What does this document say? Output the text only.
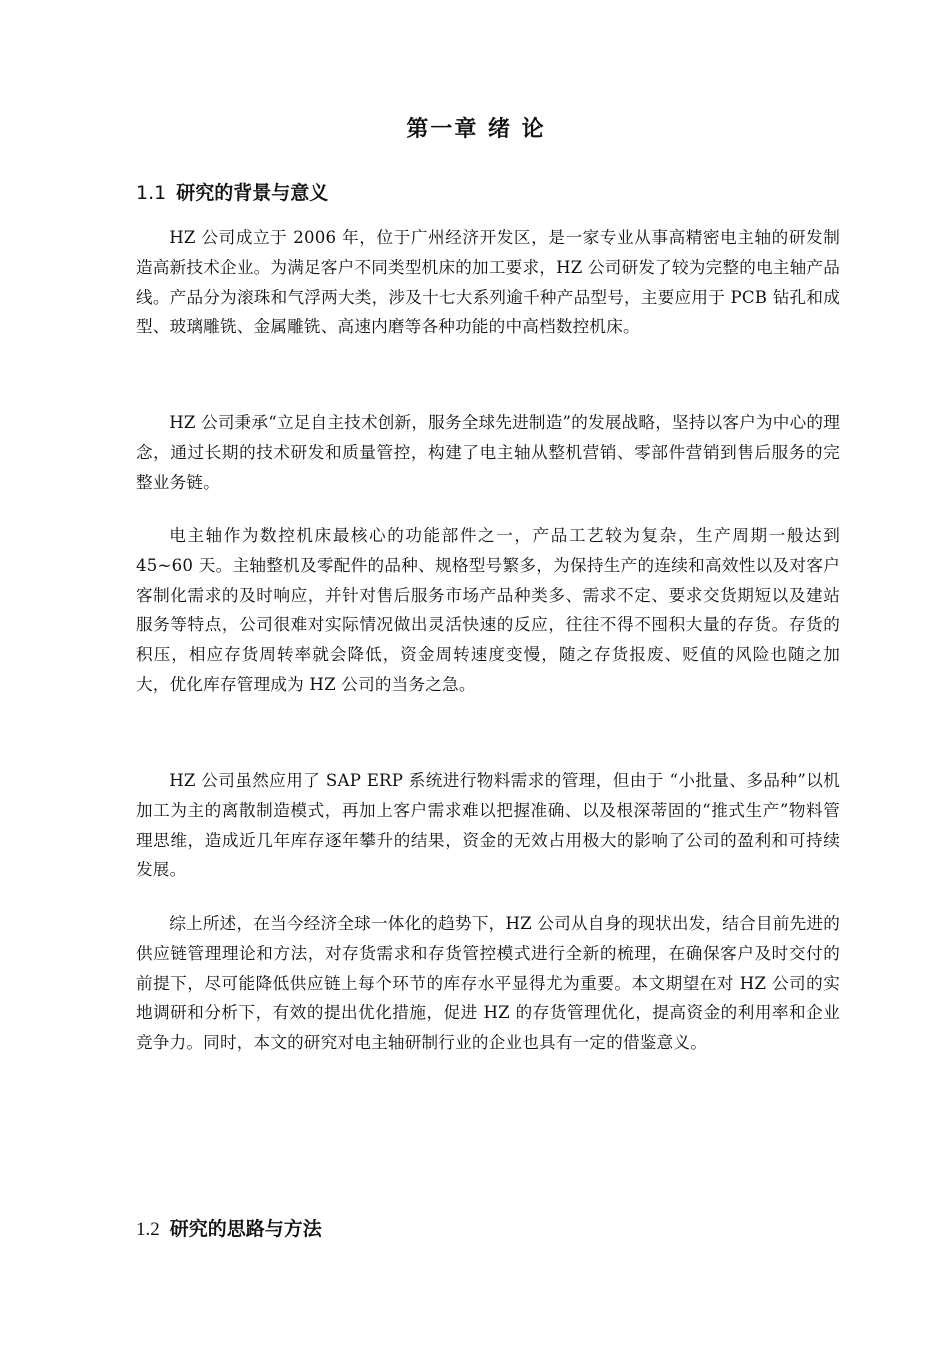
第一章 绪 论
1.1 研究的背景与意义

HZ 公司成立于 2006 年，位于广州经济开发区，是一家专业从事高精密电主轴的研发制造高新技术企业。为满足客户不同类型机床的加工要求，HZ 公司研发了较为完整的电主轴产品线。产品分为滚珠和气浮两大类，涉及十七大系列逾千种产品型号，主要应用于 PCB 钻孔和成型、玻璃雕铣、金属雕铣、高速内磨等各种功能的中高档数控机床。

HZ 公司秉承“立足自主技术创新，服务全球先进制造”的发展战略，坚持以客户为中心的理念，通过长期的技术研发和质量管控，构建了电主轴从整机营销、零部件营销到售后服务的完整业务链。

电主轴作为数控机床最核心的功能部件之一，产品工艺较为复杂，生产周期一般达到 45~60 天。主轴整机及零配件的品种、规格型号繁多，为保持生产的连续和高效性以及对客户客制化需求的及时响应，并针对售后服务市场产品种类多、需求不定、要求交货期短以及建站服务等特点，公司很难对实际情况做出灵活快速的反应，往往不得不囤积大量的存货。存货的积压，相应存货周转率就会降低，资金周转速度变慢，随之存货报废、贬值的风险也随之加大，优化库存管理成为 HZ 公司的当务之急。

HZ 公司虽然应用了 SAP ERP 系统进行物料需求的管理，但由于 “小批量、多品种”以机加工为主的离散制造模式，再加上客户需求难以把握准确、以及根深蒂固的“推式生产”物料管理思维，造成近几年库存逐年攀升的结果，资金的无效占用极大的影响了公司的盈利和可持续发展。

综上所述，在当今经济全球一体化的趋势下，HZ 公司从自身的现状出发，结合目前先进的供应链管理理论和方法，对存货需求和存货管控模式进行全新的梳理，在确保客户及时交付的前提下，尽可能降低供应链上每个环节的库存水平显得尤为重要。本文期望在对 HZ 公司的实地调研和分析下，有效的提出优化措施，促进 HZ 的存货管理优化，提高资金的利用率和企业竞争力。同时，本文的研究对电主轴研制行业的企业也具有一定的借鉴意义。

1.2 研究的思路与方法
